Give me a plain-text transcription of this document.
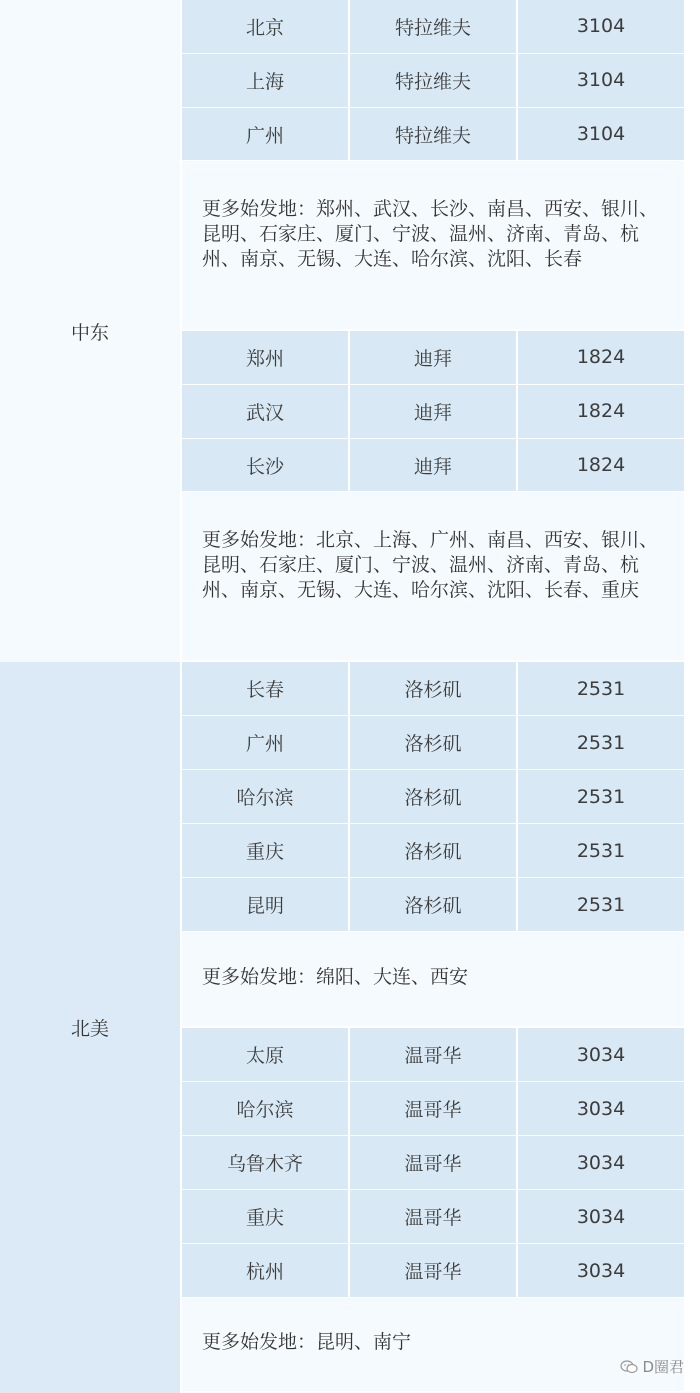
中东
北京	特拉维夫	3104
上海	特拉维夫	3104
广州	特拉维夫	3104
更多始发地：郑州、武汉、长沙、南昌、西安、银川、昆明、石家庄、厦门、宁波、温州、济南、青岛、杭州、南京、无锡、大连、哈尔滨、沈阳、长春
郑州	迪拜	1824
武汉	迪拜	1824
长沙	迪拜	1824
更多始发地：北京、上海、广州、南昌、西安、银川、昆明、石家庄、厦门、宁波、温州、济南、青岛、杭州、南京、无锡、大连、哈尔滨、沈阳、长春、重庆
北美
长春	洛杉矶	2531
广州	洛杉矶	2531
哈尔滨	洛杉矶	2531
重庆	洛杉矶	2531
昆明	洛杉矶	2531
更多始发地：绵阳、大连、西安
太原	温哥华	3034
哈尔滨	温哥华	3034
乌鲁木齐	温哥华	3034
重庆	温哥华	3034
杭州	温哥华	3034
更多始发地：昆明、南宁
D圈君
